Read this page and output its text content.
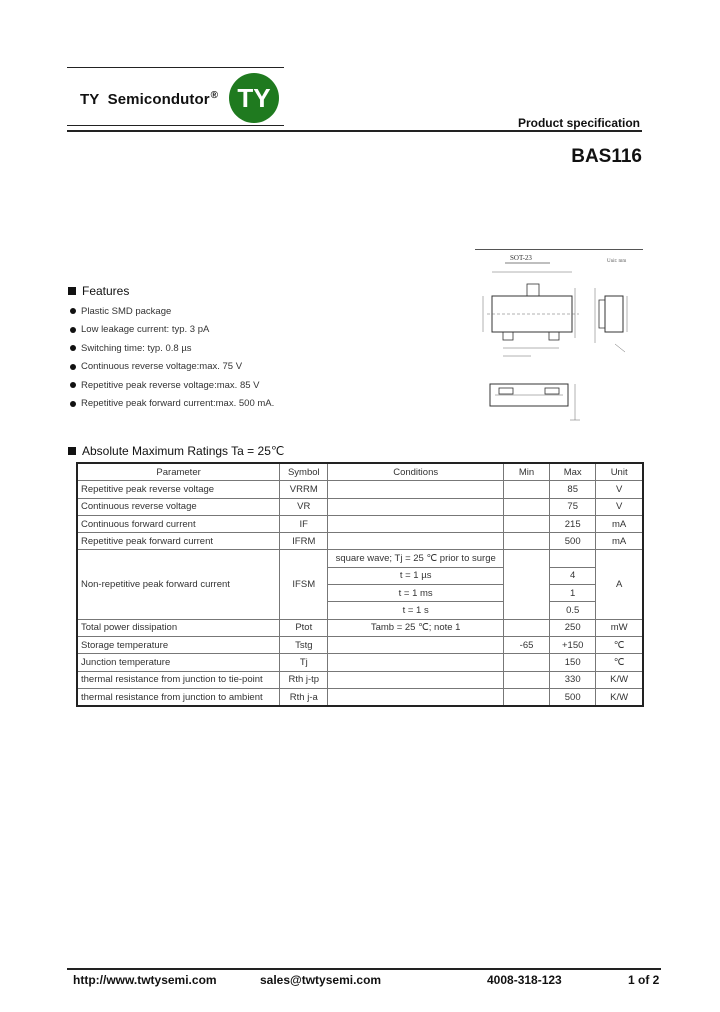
TY  Semicondutor® TY
Product specification
BAS116
SOT-23	Unit: mm
Features
Plastic SMD package
Low leakage current: typ. 3 pA
Switching time: typ. 0.8 µs
Continuous reverse voltage:max. 75 V
Repetitive peak reverse voltage:max. 85 V
Repetitive peak forward current:max. 500 mA.
Absolute Maximum Ratings Ta = 25℃
Parameter	Symbol	Conditions	Min	Max	Unit
Repetitive peak reverse voltage	VRRM			85	V
Continuous reverse voltage	VR			75	V
Continuous forward current	IF			215	mA
Repetitive peak forward current	IFRM			500	mA
Non-repetitive peak forward current	IFSM	square wave; Tj = 25 ℃ prior to surge			A
		t = 1 µs		4	
		t = 1 ms		1	
		t = 1 s		0.5	
Total power dissipation	Ptot	Tamb = 25 ℃; note 1		250	mW
Storage temperature	Tstg		-65	+150	℃
Junction temperature	Tj			150	℃
thermal resistance from junction to tie-point	Rth j-tp			330	K/W
thermal resistance from junction to ambient	Rth j-a			500	K/W
http://www.twtysemi.com	sales@twtysemi.com	4008-318-123	1 of 2
